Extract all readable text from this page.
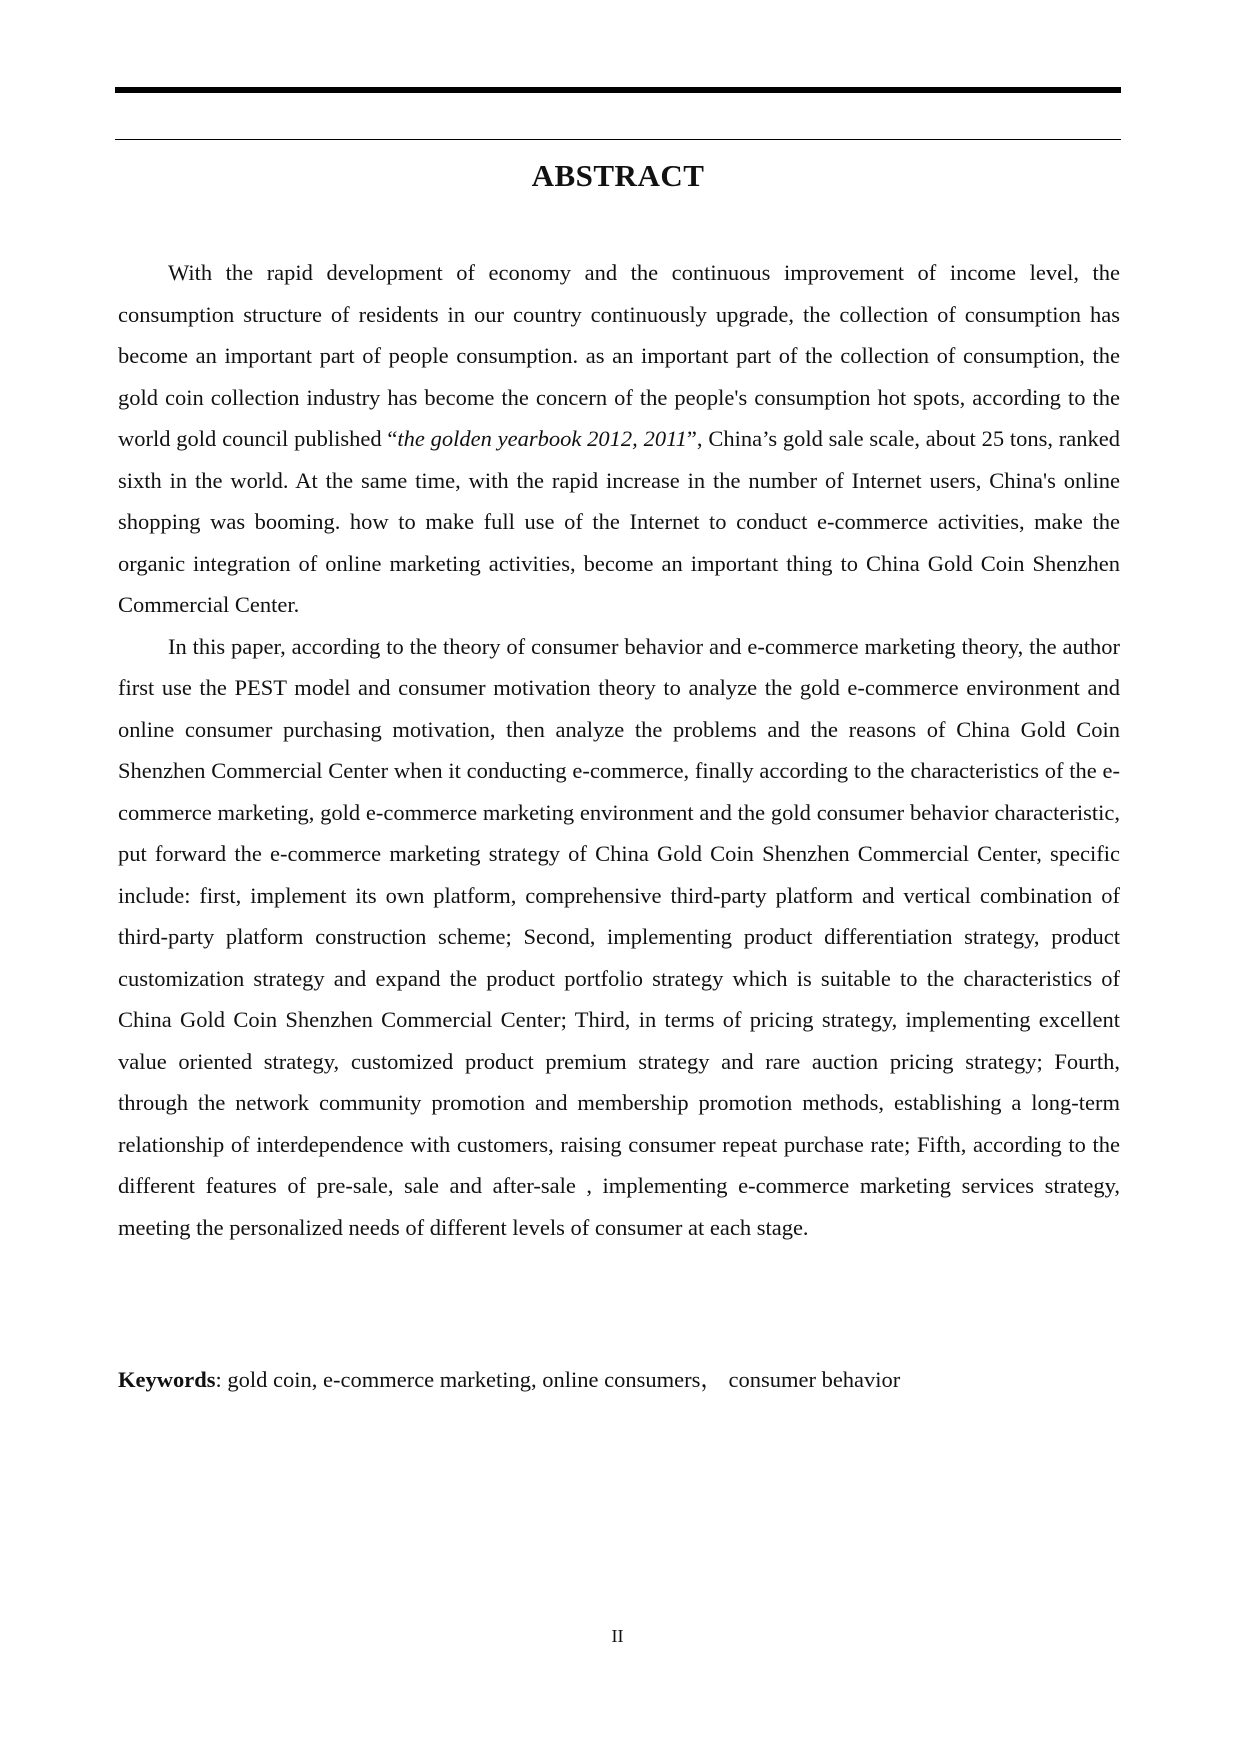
ABSTRACT

With the rapid development of economy and the continuous improvement of income level, the consumption structure of residents in our country continuously upgrade, the collection of consumption has become an important part of people consumption. as an important part of the collection of consumption, the gold coin collection industry has become the concern of the people's consumption hot spots, according to the world gold council published “the golden yearbook 2012, 2011”, China’s gold sale scale, about 25 tons, ranked sixth in the world. At the same time, with the rapid increase in the number of Internet users, China's online shopping was booming. how to make full use of the Internet to conduct e-commerce activities, make the organic integration of online marketing activities, become an important thing to China Gold Coin Shenzhen Commercial Center.

In this paper, according to the theory of consumer behavior and e-commerce marketing theory, the author first use the PEST model and consumer motivation theory to analyze the gold e-commerce environment and online consumer purchasing motivation, then analyze the problems and the reasons of China Gold Coin Shenzhen Commercial Center when it conducting e-commerce, finally according to the characteristics of the e-commerce marketing, gold e-commerce marketing environment and the gold consumer behavior characteristic, put forward the e-commerce marketing strategy of China Gold Coin Shenzhen Commercial Center, specific include: first, implement its own platform, comprehensive third-party platform and vertical combination of third-party platform construction scheme; Second, implementing product differentiation strategy, product customization strategy and expand the product portfolio strategy which is suitable to the characteristics of China Gold Coin Shenzhen Commercial Center; Third, in terms of pricing strategy, implementing excellent value oriented strategy, customized product premium strategy and rare auction pricing strategy; Fourth, through the network community promotion and membership promotion methods, establishing a long-term relationship of interdependence with customers, raising consumer repeat purchase rate; Fifth, according to the different features of pre-sale, sale and after-sale , implementing e-commerce marketing services strategy, meeting the personalized needs of different levels of consumer at each stage.

Keywords: gold coin, e-commerce marketing, online consumers， consumer behavior
II
